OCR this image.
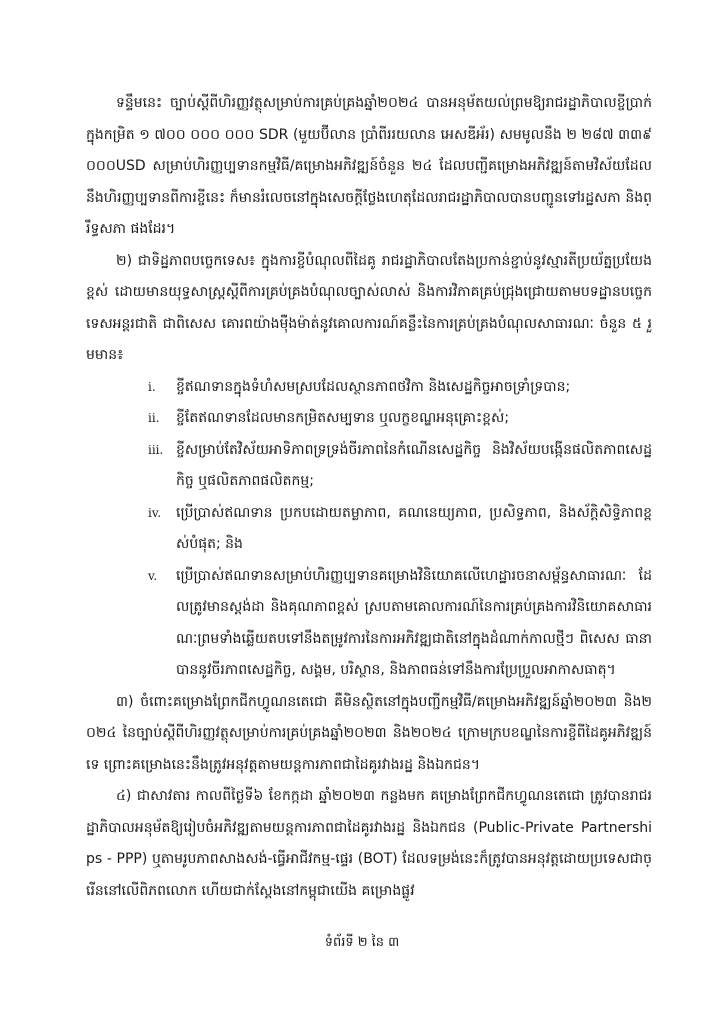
ទន្ទឹមនេះ ច្បាប់ស្តីពីហិរញ្ញវត្ថុសម្រាប់ការគ្រប់គ្រងឆ្នាំ២០២៤ បានអនុម័តយល់ព្រមឱ្យរាជរដ្ឋាភិបាលខ្ចីប្រាក់ ក្នុងកម្រិត ១ ៧០០ ០០០ ០០០ SDR (មួយប៊ីលាន ប្រាំពីររយលាន អេសឌីអ័រ) សមមូលនឹង ២ ២៨៧ ៣៣៩ ០០០USD សម្រាប់ហិរញ្ញប្បទានកម្មវិធី/គម្រោងអភិវឌ្ឍន៍ចំនួន ២៤ ដែលបញ្ជីគម្រោងអភិវឌ្ឍន៍តាមវិស័យដែលនឹងហិរញ្ញប្បទានពីការខ្ចីនេះ ក៏មានរំលេចនៅក្នុងសេចក្តីថ្លែងហេតុដែលរាជរដ្ឋាភិបាលបានបញ្ជូនទៅរដ្ឋសភា និងព្រឹទ្ធសភា ផងដែរ។

២) ជាទិដ្ឋភាពបច្ចេកទេស៖ ក្នុងការខ្ចីបំណុលពីដៃគូ រាជរដ្ឋាភិបាលតែងប្រកាន់ខ្ជាប់នូវស្មារតីប្រយ័ត្នប្រយែងខ្ពស់ ដោយមានយុទ្ធសាស្ត្រស្តីពីការគ្រប់គ្រងបំណុលច្បាស់លាស់ និងការវិភាគគ្រប់ជ្រុងជ្រោយតាមបទដ្ឋានបច្ចេកទេសអន្តរជាតិ ជាពិសេស គោរពយ៉ាងម៉ឺងម៉ាត់នូវគោលការណ៍គន្លឹះនៃការគ្រប់គ្រងបំណុលសាធារណៈ ចំនួន ៥ រួមមាន៖

i.	ខ្ចីឥណទានក្នុងទំហំសមស្របដែលស្ថានភាពថវិកា និងសេដ្ឋកិច្ចអាចទ្រាំទ្របាន;
ii.	ខ្ចីតែឥណទានដែលមានកម្រិតសម្បទាន ឬលក្ខខណ្ឌអនុគ្រោះខ្ពស់;
iii. ខ្ចីសម្រាប់តែវិស័យអាទិភាពទ្រទ្រង់ចីរភាពនៃកំណើនសេដ្ឋកិច្ច និងវិស័យបង្កើនផលិតភាពសេដ្ឋកិច្ច ឬផលិតភាពផលិតកម្ម;
iv.	ប្រើប្រាស់ឥណទាន ប្រកបដោយតម្លាភាព, គណនេយ្យភាព, ប្រសិទ្ធភាព, និងស័ក្តិសិទ្ធិភាពខ្ពស់បំផុត; និង
v.	ប្រើប្រាស់ឥណទានសម្រាប់ហិរញ្ញប្បទានគម្រោងវិនិយោគលើហេដ្ឋារចនាសម្ព័ន្ធសាធារណៈ ដែលត្រូវមានស្តង់ដា និងគុណភាពខ្ពស់ ស្របតាមគោលការណ៍នៃការគ្រប់គ្រងការវិនិយោគសាធារណៈព្រមទាំងឆ្លើយតបទៅនឹងតម្រូវការនៃការអភិវឌ្ឍជាតិនៅក្នុងដំណាក់កាលថ្មីៗ ពិសេស ធានាបាននូវចីរភាពសេដ្ឋកិច្ច, សង្គម, បរិស្ថាន, និងភាពធន់ទៅនឹងការប្រែប្រួលអាកាសធាតុ។

៣) ចំពោះគម្រោងព្រែកជីកហ្វូណនតេជោ គឺមិនស្ថិតនៅក្នុងបញ្ជីកម្មវិធី/គម្រោងអភិវឌ្ឍន៍ឆ្នាំ២០២៣ និង២០២៤ នៃច្បាប់ស្តីពីហិរញ្ញវត្ថុសម្រាប់ការគ្រប់គ្រងឆ្នាំ២០២៣ និង២០២៤ ក្រោមក្របខណ្ឌនៃការខ្ចីពីដៃគូអភិវឌ្ឍន៍ទេ ព្រោះគម្រោងនេះនឹងត្រូវអនុវត្តតាមយន្តការភាពជាដៃគូរវាងរដ្ឋ និងឯកជន។

៤) ជាសាវតារ កាលពីថ្ងៃទី៦ ខែកក្កដា ឆ្នាំ២០២៣ កន្លងមក គម្រោងព្រែកជីកហ្វូណនតេជោ ត្រូវបានរាជរដ្ឋាភិបាលអនុម័តឱ្យរៀបចំអភិវឌ្ឍតាមយន្តការភាពជាដៃគូរវាងរដ្ឋ និងឯកជន (Public-Private Partnerships - PPP) ឬតាមរូបភាពសាងសង់-ធ្វើអាជីវកម្ម-ផ្ទេរ (BOT) ដែលទម្រង់នេះក៏ត្រូវបានអនុវត្តដោយប្រទេសជាច្រើននៅលើពិភពលោក ហើយជាក់ស្តែងនៅកម្ពុជាយើង គម្រោងផ្លូវ

ទំព័រទី ២ នៃ ៣
